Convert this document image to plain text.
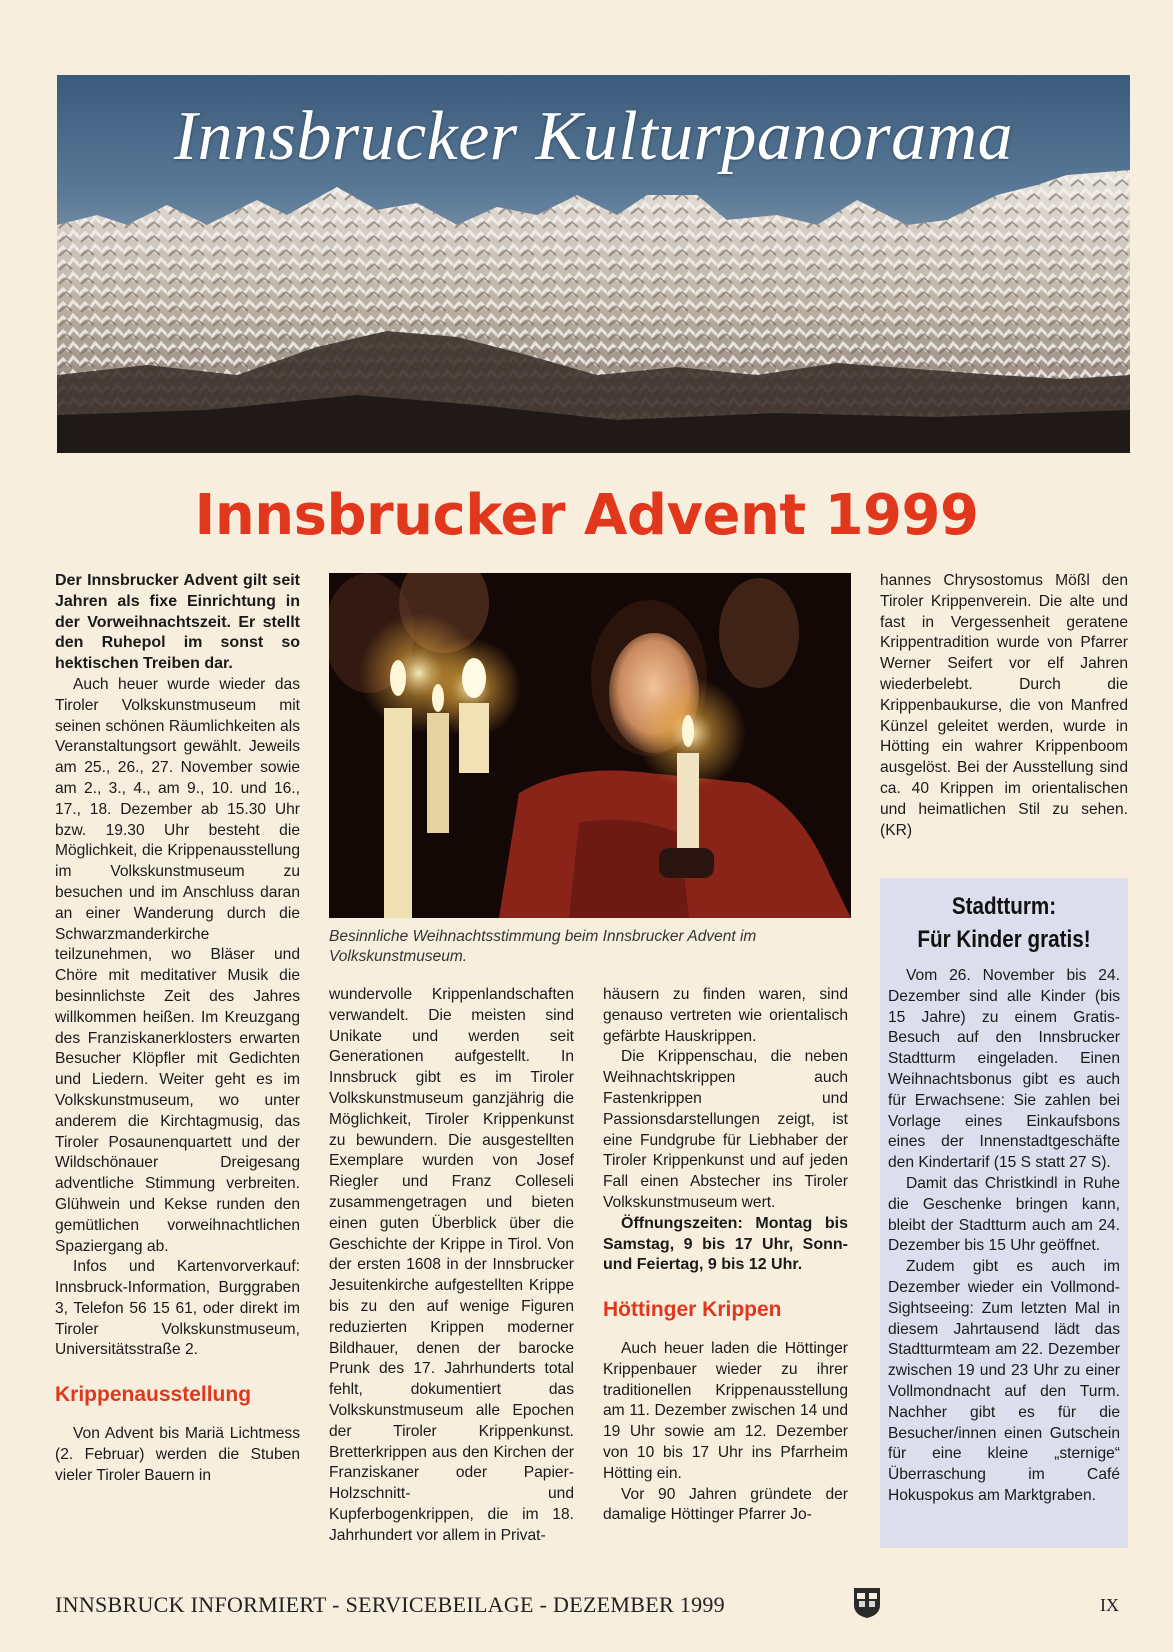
Innsbrucker Kulturpanorama
Innsbrucker Advent 1999

Der Innsbrucker Advent gilt seit Jahren als fixe Einrichtung in der Vorweihnachtszeit. Er stellt den Ruhepol im sonst so hektischen Treiben dar.

Auch heuer wurde wieder das Tiroler Volkskunstmuseum mit seinen schönen Räumlichkeiten als Veranstaltungsort gewählt. Jeweils am 25., 26., 27. November sowie am 2., 3., 4., am 9., 10. und 16., 17., 18. Dezember ab 15.30 Uhr bzw. 19.30 Uhr besteht die Möglichkeit, die Krippenausstellung im Volkskunstmuseum zu besuchen und im Anschluss daran an einer Wanderung durch die Schwarzmanderkirche teilzunehmen, wo Bläser und Chöre mit meditativer Musik die besinnlichste Zeit des Jahres willkommen heißen. Im Kreuzgang des Franziskanerklosters erwarten Besucher Klöpfler mit Gedichten und Liedern. Weiter geht es im Volkskunstmuseum, wo unter anderem die Kirchtagmusig, das Tiroler Posaunenquartett und der Wildschönauer Dreigesang adventliche Stimmung verbreiten. Glühwein und Kekse runden den gemütlichen vorweihnachtlichen Spaziergang ab.

Infos und Kartenvorverkauf: Innsbruck-Information, Burggraben 3, Telefon 56 15 61, oder direkt im Tiroler Volkskunstmuseum, Universitätsstraße 2.

Krippenausstellung

Von Advent bis Mariä Lichtmess (2. Februar) werden die Stuben vieler Tiroler Bauern in

Besinnliche Weihnachtsstimmung beim Innsbrucker Advent im Volkskunstmuseum.

wundervolle Krippenlandschaften verwandelt. Die meisten sind Unikate und werden seit Generationen aufgestellt. In Innsbruck gibt es im Tiroler Volkskunstmuseum ganzjährig die Möglichkeit, Tiroler Krippenkunst zu bewundern. Die ausgestellten Exemplare wurden von Josef Riegler und Franz Colleseli zusammengetragen und bieten einen guten Überblick über die Geschichte der Krippe in Tirol. Von der ersten 1608 in der Innsbrucker Jesuitenkirche aufgestellten Krippe bis zu den auf wenige Figuren reduzierten Krippen moderner Bildhauer, denen der barocke Prunk des 17. Jahrhunderts total fehlt, dokumentiert das Volkskunstmuseum alle Epochen der Tiroler Krippenkunst. Bretterkrippen aus den Kirchen der Franziskaner oder Papier-Holzschnitt- und Kupferbogenkrippen, die im 18. Jahrhundert vor allem in Privat-

häusern zu finden waren, sind genauso vertreten wie orientalisch gefärbte Hauskrippen.

Die Krippenschau, die neben Weihnachtskrippen auch Fastenkrippen und Passionsdarstellungen zeigt, ist eine Fundgrube für Liebhaber der Tiroler Krippenkunst und auf jeden Fall einen Abstecher ins Tiroler Volkskunstmuseum wert.

Öffnungszeiten: Montag bis Samstag, 9 bis 17 Uhr, Sonn- und Feiertag, 9 bis 12 Uhr.

Höttinger Krippen

Auch heuer laden die Höttinger Krippenbauer wieder zu ihrer traditionellen Krippenausstellung am 11. Dezember zwischen 14 und 19 Uhr sowie am 12. Dezember von 10 bis 17 Uhr ins Pfarrheim Hötting ein.

Vor 90 Jahren gründete der damalige Höttinger Pfarrer Jo-

hannes Chrysostomus Mößl den Tiroler Krippenverein. Die alte und fast in Vergessenheit geratene Krippentradition wurde von Pfarrer Werner Seifert vor elf Jahren wiederbelebt. Durch die Krippenbaukurse, die von Manfred Künzel geleitet werden, wurde in Hötting ein wahrer Krippenboom ausgelöst. Bei der Ausstellung sind ca. 40 Krippen im orientalischen und heimatlichen Stil zu sehen. (KR)

Stadtturm:
Für Kinder gratis!

Vom 26. November bis 24. Dezember sind alle Kinder (bis 15 Jahre) zu einem Gratis-Besuch auf den Innsbrucker Stadtturm eingeladen. Einen Weihnachtsbonus gibt es auch für Erwachsene: Sie zahlen bei Vorlage eines Einkaufsbons eines der Innenstadtgeschäfte den Kindertarif (15 S statt 27 S).

Damit das Christkindl in Ruhe die Geschenke bringen kann, bleibt der Stadtturm auch am 24. Dezember bis 15 Uhr geöffnet.

Zudem gibt es auch im Dezember wieder ein Vollmond-Sightseeing: Zum letzten Mal in diesem Jahrtausend lädt das Stadtturmteam am 22. Dezember zwischen 19 und 23 Uhr zu einer Vollmondnacht auf den Turm. Nachher gibt es für die Besucher/innen einen Gutschein für eine kleine „sternige“ Überraschung im Café Hokuspokus am Marktgraben.

INNSBRUCK INFORMIERT - SERVICEBEILAGE - DEZEMBER 1999	IX
